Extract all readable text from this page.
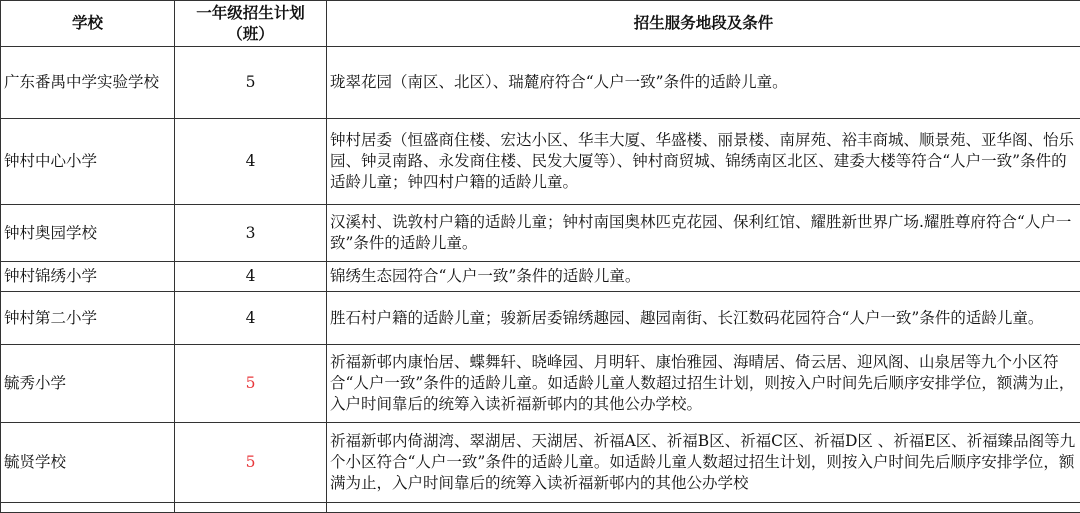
学校	一年级招生计划（班）	招生服务地段及条件
广东番禺中学实验学校	5	珑翠花园（南区、北区）、瑞麓府符合“人户一致”条件的适龄儿童。
钟村中心小学	4	钟村居委（恒盛商住楼、宏达小区、华丰大厦、华盛楼、丽景楼、南屏苑、裕丰商城、顺景苑、亚华阁、怡乐园、钟灵南路、永发商住楼、民发大厦等）、钟村商贸城、锦绣南区北区、建委大楼等符合“人户一致”条件的适龄儿童；钟四村户籍的适龄儿童。
钟村奥园学校	3	汉溪村、诜敦村户籍的适龄儿童；钟村南国奥林匹克花园、保利红馆、耀胜新世界广场.耀胜尊府符合“人户一致”条件的适龄儿童。
钟村锦绣小学	4	锦绣生态园符合“人户一致”条件的适龄儿童。
钟村第二小学	4	胜石村户籍的适龄儿童；骏新居委锦绣趣园、趣园南街、长江数码花园符合“人户一致”条件的适龄儿童。
毓秀小学	5	祈福新邨内康怡居、蝶舞轩、晓峰园、月明轩、康怡雅园、海晴居、倚云居、迎风阁、山泉居等九个小区符合“人户一致”条件的适龄儿童。如适龄儿童人数超过招生计划，则按入户时间先后顺序安排学位，额满为止，入户时间靠后的统筹入读祈福新邨内的其他公办学校。
毓贤学校	5	祈福新邨内倚湖湾、翠湖居、天湖居、祈福A区、祈福B区、祈福C区、祈福D区 、祈福E区、祈福臻品阁等九个小区符合“人户一致”条件的适龄儿童。如适龄儿童人数超过招生计划，则按入户时间先后顺序安排学位，额满为止，入户时间靠后的统筹入读祈福新邨内的其他公办学校
